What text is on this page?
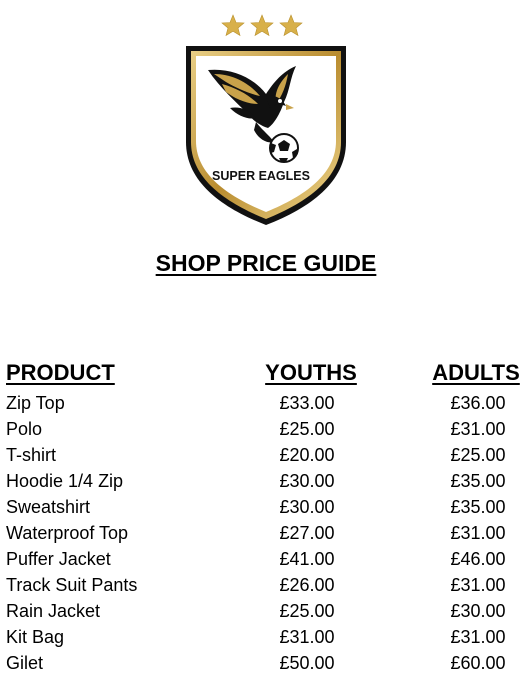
SUPER EAGLES
SHOP PRICE GUIDE
PRODUCT	YOUTHS	ADULTS
Zip Top	£33.00	£36.00
Polo	£25.00	£31.00
T-shirt	£20.00	£25.00
Hoodie 1/4 Zip	£30.00	£35.00
Sweatshirt	£30.00	£35.00
Waterproof Top	£27.00	£31.00
Puffer Jacket	£41.00	£46.00
Track Suit Pants	£26.00	£31.00
Rain Jacket	£25.00	£30.00
Kit Bag	£31.00	£31.00
Gilet	£50.00	£60.00
